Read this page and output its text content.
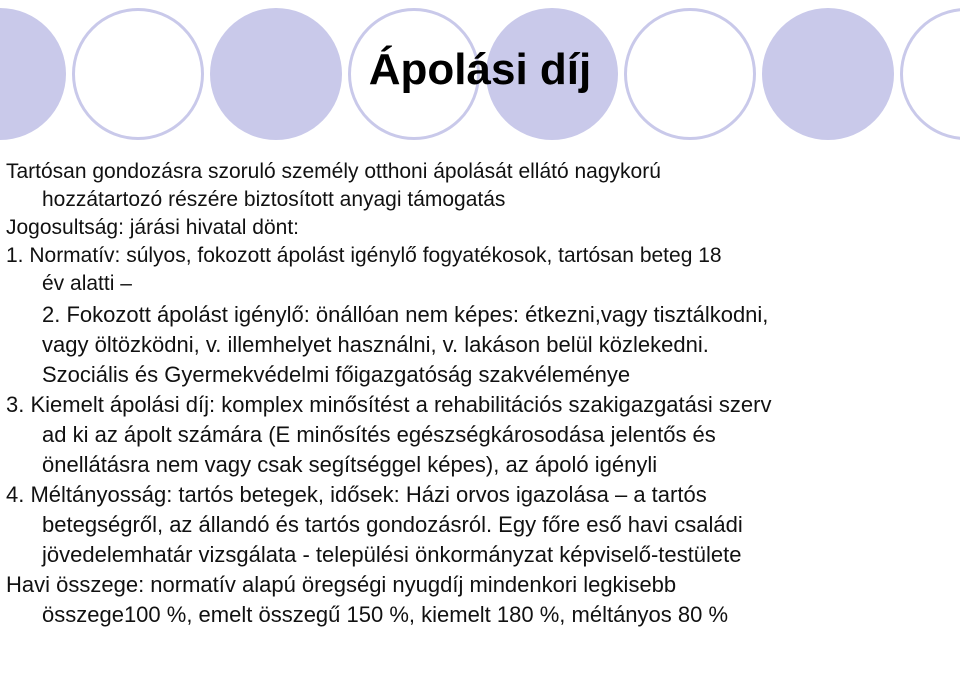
Ápolási díj
Tartósan gondozásra szoruló személy otthoni ápolását ellátó nagykorú
hozzátartozó részére biztosított anyagi támogatás
Jogosultság: járási hivatal dönt:
1. Normatív: súlyos, fokozott ápolást igénylő fogyatékosok, tartósan beteg 18
év alatti –
2. Fokozott ápolást igénylő: önállóan nem képes: étkezni,vagy tisztálkodni,
vagy öltözködni, v. illemhelyet használni, v. lakáson belül közlekedni.
Szociális és Gyermekvédelmi főigazgatóság szakvéleménye
3. Kiemelt ápolási díj: komplex minősítést a rehabilitációs szakigazgatási szerv
ad ki az ápolt számára (E minősítés egészségkárosodása jelentős és
önellátásra nem vagy csak segítséggel képes), az ápoló igényli
4. Méltányosság: tartós betegek, idősek: Házi orvos igazolása – a tartós
betegségről, az állandó és tartós gondozásról. Egy főre eső havi családi
jövedelemhatár vizsgálata - települési önkormányzat képviselő-testülete
Havi összege: normatív alapú öregségi nyugdíj mindenkori legkisebb
összege100 %, emelt összegű 150 %, kiemelt 180 %, méltányos 80 %
